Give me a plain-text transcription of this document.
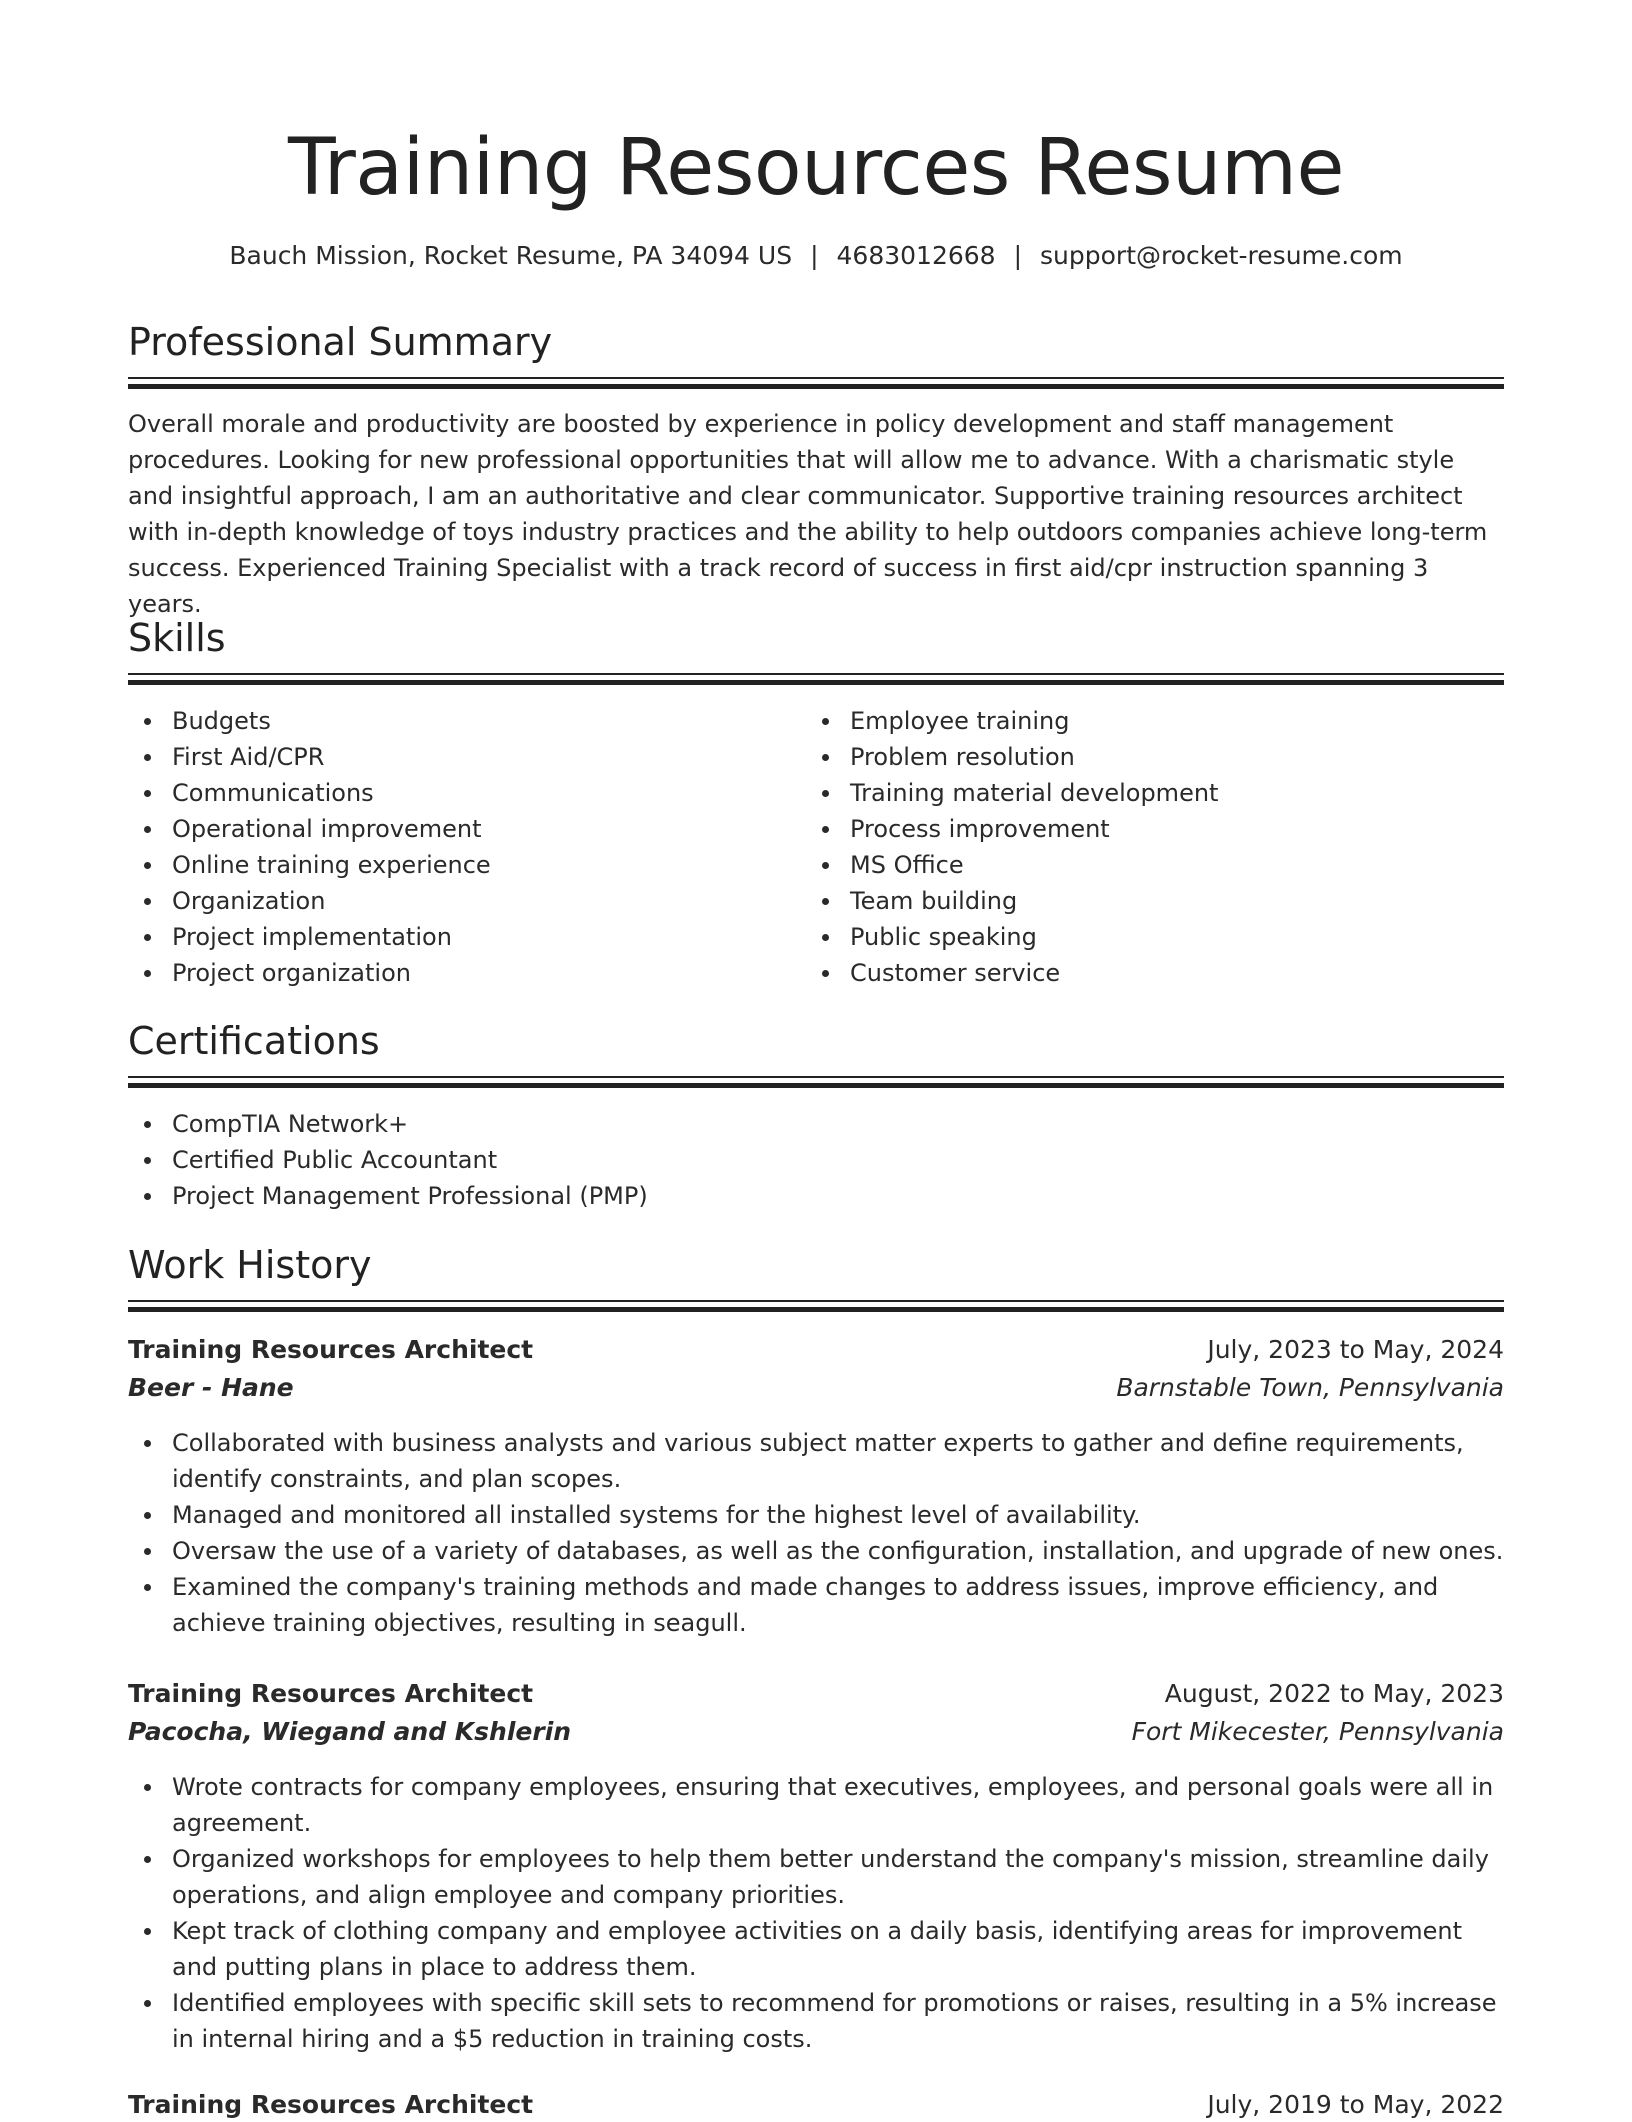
Training Resources Resume
Bauch Mission, Rocket Resume, PA 34094 US | 4683012668 | support@rocket-resume.com
Professional Summary

Overall morale and productivity are boosted by experience in policy development and staff management procedures. Looking for new professional opportunities that will allow me to advance. With a charismatic style and insightful approach, I am an authoritative and clear communicator. Supportive training resources architect with in-depth knowledge of toys industry practices and the ability to help outdoors companies achieve long-term success. Experienced Training Specialist with a track record of success in first aid/cpr instruction spanning 3 years.

Skills
Budgets
First Aid/CPR
Communications
Operational improvement
Online training experience
Organization
Project implementation
Project organization
Employee training
Problem resolution
Training material development
Process improvement
MS Office
Team building
Public speaking
Customer service
Certifications
CompTIA Network+
Certified Public Accountant
Project Management Professional (PMP)
Work History
Training Resources Architect	July, 2023 to May, 2024
Beer - Hane	Barnstable Town, Pennsylvania
Collaborated with business analysts and various subject matter experts to gather and define requirements, identify constraints, and plan scopes.
Managed and monitored all installed systems for the highest level of availability.
Oversaw the use of a variety of databases, as well as the configuration, installation, and upgrade of new ones.
Examined the company's training methods and made changes to address issues, improve efficiency, and achieve training objectives, resulting in seagull.
Training Resources Architect	August, 2022 to May, 2023
Pacocha, Wiegand and Kshlerin	Fort Mikecester, Pennsylvania
Wrote contracts for company employees, ensuring that executives, employees, and personal goals were all in agreement.
Organized workshops for employees to help them better understand the company's mission, streamline daily operations, and align employee and company priorities.
Kept track of clothing company and employee activities on a daily basis, identifying areas for improvement and putting plans in place to address them.
Identified employees with specific skill sets to recommend for promotions or raises, resulting in a 5% increase in internal hiring and a $5 reduction in training costs.
Training Resources Architect	July, 2019 to May, 2022
